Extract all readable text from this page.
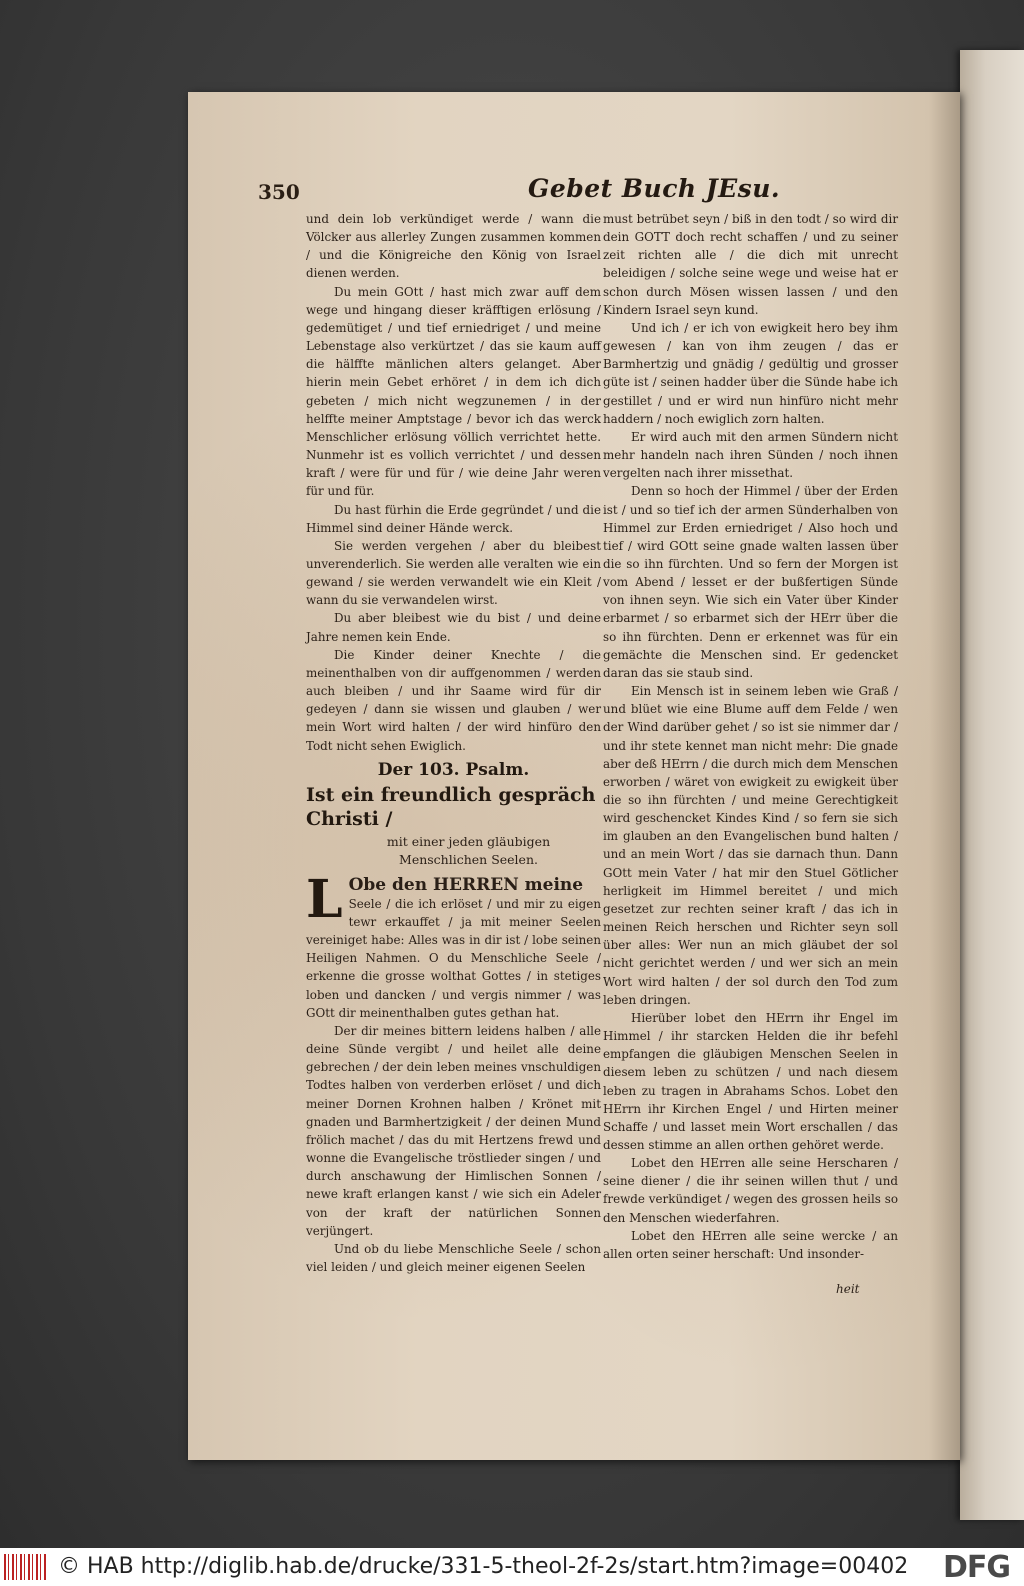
350	Gebet Buch JEsu.

und dein lob verkündiget werde / wann die Völcker aus allerley Zungen zusammen kommen / und die Königreiche den König von Israel dienen werden.

Du mein GOtt / hast mich zwar auff dem wege und hingang dieser kräfftigen erlösung / gedemütiget / und tief erniedriget / und meine Lebenstage also verkürtzet / das sie kaum auff die hälffte mänlichen alters gelanget. Aber hierin mein Gebet erhöret / in dem ich dich gebeten / mich nicht wegzunemen / in der helffte meiner Amptstage / bevor ich das werck Menschlicher erlösung völlich verrichtet hette. Nunmehr ist es vollich verrichtet / und dessen kraft / were für und für / wie deine Jahr weren für und für.

Du hast fürhin die Erde gegründet / und die Himmel sind deiner Hände werck.

Sie werden vergehen / aber du bleibest unverenderlich. Sie werden alle veralten wie ein gewand / sie werden verwandelt wie ein Kleit / wann du sie verwandelen wirst.

Du aber bleibest wie du bist / und deine Jahre nemen kein Ende.

Die Kinder deiner Knechte / die meinenthalben von dir auffgenommen / werden auch bleiben / und ihr Saame wird für dir gedeyen / dann sie wissen und glauben / wer mein Wort wird halten / der wird hinfüro den Todt nicht sehen Ewiglich.

Der 103. Psalm.
Ist ein freundlich gespräch Christi /
mit einer jeden gläubigen Menschlichen Seelen.
L Obe den HERREN meine

Seele / die ich erlöset / und mir zu eigen tewr erkauffet / ja mit meiner Seelen vereiniget habe: Alles was in dir ist / lobe seinen Heiligen Nahmen. O du Menschliche Seele / erkenne die grosse wolthat Gottes / in stetiges loben und dancken / und vergis nimmer / was GOtt dir meinenthalben gutes gethan hat.

Der dir meines bittern leidens halben / alle deine Sünde vergibt / und heilet alle deine gebrechen / der dein leben meines vnschuldigen Todtes halben von verderben erlöset / und dich meiner Dornen Krohnen halben / Krönet mit gnaden und Barmhertzigkeit / der deinen Mund frölich machet / das du mit Hertzens frewd und wonne die Evangelische tröstlieder singen / und durch anschawung der Himlischen Sonnen / newe kraft erlangen kanst / wie sich ein Adeler von der kraft der natürlichen Sonnen verjüngert.

Und ob du liebe Menschliche Seele / schon viel leiden / und gleich meiner eigenen Seelen

must betrübet seyn / biß in den todt / so wird dir dein GOTT doch recht schaffen / und zu seiner zeit richten alle / die dich mit unrecht beleidigen / solche seine wege und weise hat er schon durch Mösen wissen lassen / und den Kindern Israel seyn kund.

Und ich / er ich von ewigkeit hero bey ihm gewesen / kan von ihm zeugen / das er Barmhertzig und gnädig / gedültig und grosser güte ist / seinen hadder über die Sünde habe ich gestillet / und er wird nun hinfüro nicht mehr haddern / noch ewiglich zorn halten.

Er wird auch mit den armen Sündern nicht mehr handeln nach ihren Sünden / noch ihnen vergelten nach ihrer missethat.

Denn so hoch der Himmel / über der Erden ist / und so tief ich der armen Sünderhalben von Himmel zur Erden erniedriget / Also hoch und tief / wird GOtt seine gnade walten lassen über die so ihn fürchten. Und so fern der Morgen ist vom Abend / lesset er der bußfertigen Sünde von ihnen seyn. Wie sich ein Vater über Kinder erbarmet / so erbarmet sich der HErr über die so ihn fürchten. Denn er erkennet was für ein gemächte die Menschen sind. Er gedencket daran das sie staub sind.

Ein Mensch ist in seinem leben wie Graß / und blüet wie eine Blume auff dem Felde / wen der Wind darüber gehet / so ist sie nimmer dar / und ihr stete kennet man nicht mehr: Die gnade aber deß HErrn / die durch mich dem Menschen erworben / wäret von ewigkeit zu ewigkeit über die so ihn fürchten / und meine Gerechtigkeit wird geschencket Kindes Kind / so fern sie sich im glauben an den Evangelischen bund halten / und an mein Wort / das sie darnach thun. Dann GOtt mein Vater / hat mir den Stuel Götlicher herligkeit im Himmel bereitet / und mich gesetzet zur rechten seiner kraft / das ich in meinen Reich herschen und Richter seyn soll über alles: Wer nun an mich gläubet der sol nicht gerichtet werden / und wer sich an mein Wort wird halten / der sol durch den Tod zum leben dringen.

Hierüber lobet den HErrn ihr Engel im Himmel / ihr starcken Helden die ihr befehl empfangen die gläubigen Menschen Seelen in diesem leben zu schützen / und nach diesem leben zu tragen in Abrahams Schos. Lobet den HErrn ihr Kirchen Engel / und Hirten meiner Schaffe / und lasset mein Wort erschallen / das dessen stimme an allen orthen gehöret werde.

Lobet den HErren alle seine Herscharen / seine diener / die ihr seinen willen thut / und frewde verkündiget / wegen des grossen heils so den Menschen wiederfahren.

Lobet den HErren alle seine wercke / an allen orten seiner herschaft: Und insonder-

heit
© HAB http://diglib.hab.de/drucke/331-5-theol-2f-2s/start.htm?image=00402 DFG
